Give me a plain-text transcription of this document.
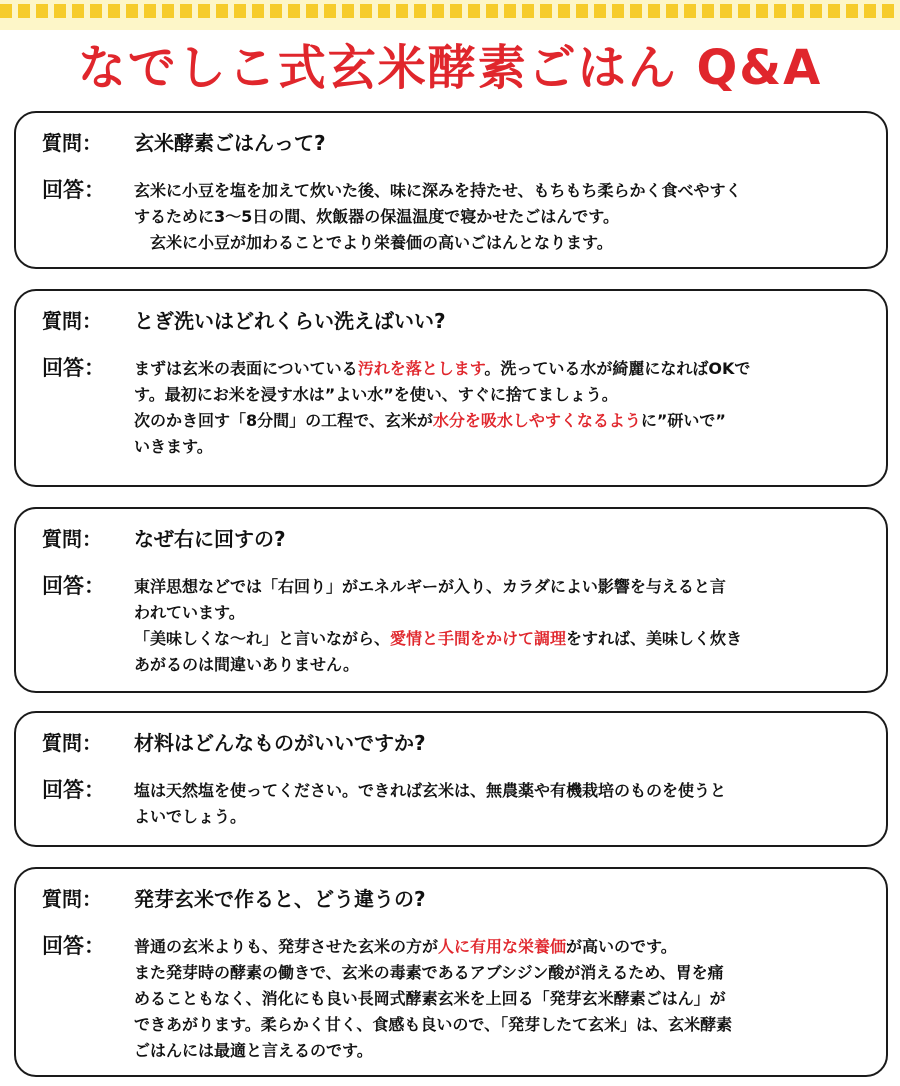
なでしこ式玄米酵素ごはん Q&A
質問：	玄米酵素ごはんって?
回答：	玄米に小豆を塩を加えて炊いた後、味に深みを持たせ、もちもち柔らかく食べやすく
するために3～5日の間、炊飯器の保温温度で寝かせたごはんです。
　玄米に小豆が加わることでより栄養価の高いごはんとなります。
質問：	とぎ洗いはどれくらい洗えばいい?
回答：	まずは玄米の表面についている汚れを落とします。洗っている水が綺麗になればOKで
す。最初にお米を浸す水は”よい水”を使い、すぐに捨てましょう。
次のかき回す「8分間」の工程で、玄米が水分を吸水しやすくなるように”研いで”
いきます。
質問：	なぜ右に回すの?
回答：	東洋思想などでは「右回り」がエネルギーが入り、カラダによい影響を与えると言
われています。
「美味しくな～れ」と言いながら、愛情と手間をかけて調理をすれば、美味しく炊き
あがるのは間違いありません。
質問：	材料はどんなものがいいですか?
回答：	塩は天然塩を使ってください。できれば玄米は、無農薬や有機栽培のものを使うと
よいでしょう。
質問：	発芽玄米で作ると、どう違うの?
回答：	普通の玄米よりも、発芽させた玄米の方が人に有用な栄養価が高いのです。
また発芽時の酵素の働きで、玄米の毒素であるアブシジン酸が消えるため、胃を痛
めることもなく、消化にも良い長岡式酵素玄米を上回る「発芽玄米酵素ごはん」が
できあがります。柔らかく甘く、食感も良いので、「発芽したて玄米」は、玄米酵素
ごはんには最適と言えるのです。
